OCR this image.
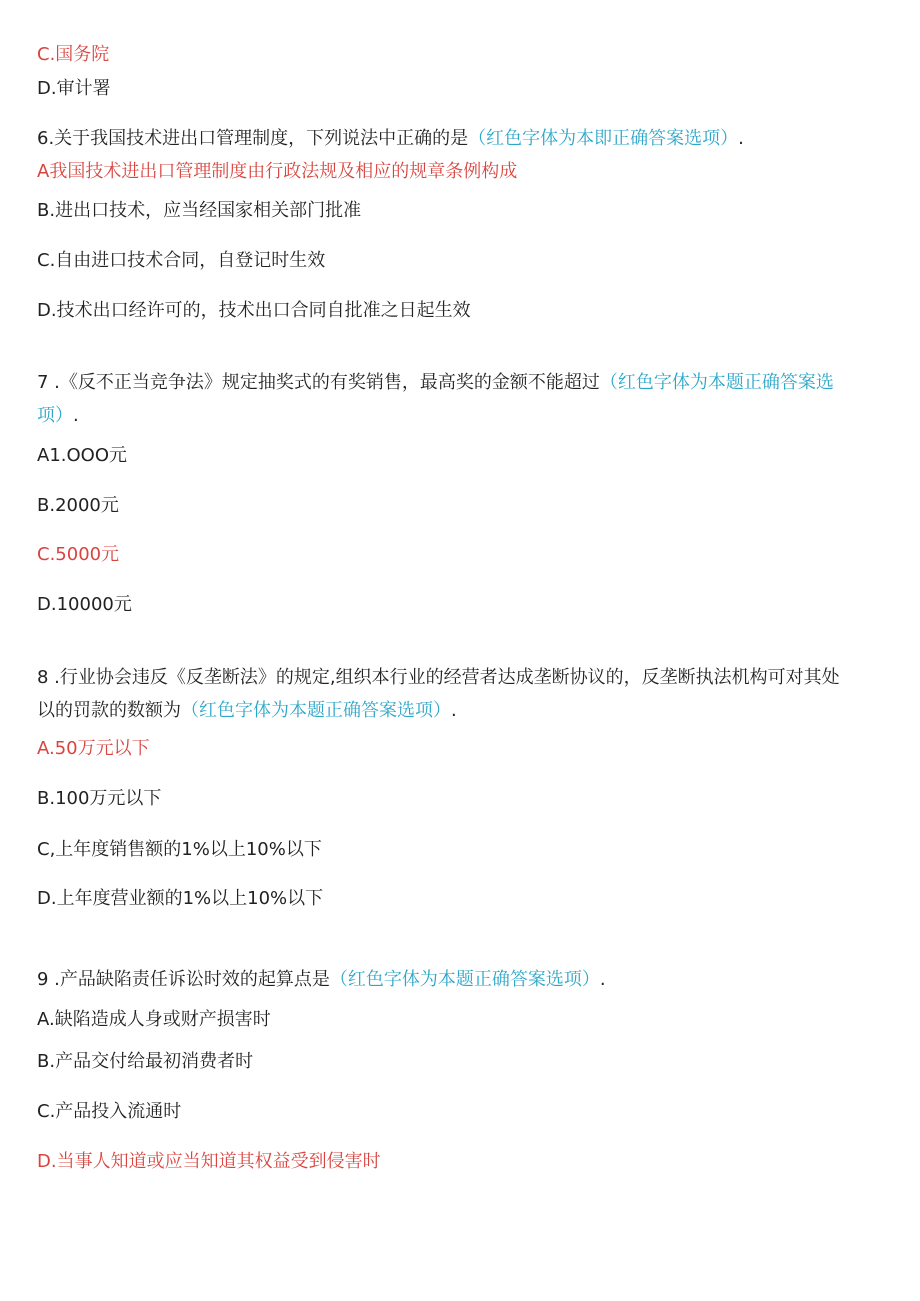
C.国务院
D.审计署
6.关于我国技术进出口管理制度，下列说法中正确的是（红色字体为本即正确答案选项）.
A我国技术进出口管理制度由行政法规及相应的规章条例构成
B.进出口技术，应当经国家相关部门批准
C.自由进口技术合同，自登记时生效
D.技术出口经许可的，技术出口合同自批准之日起生效
7 .《反不正当竞争法》规定抽奖式的有奖销售，最高奖的金额不能超过（红色字体为本题正确答案选
项）.
A1.OOO元
B.2000元
C.5000元
D.10000元
8 .行业协会违反《反垄断法》的规定,组织本行业的经营者达成垄断协议的，反垄断执法机构可对其处
以的罚款的数额为（红色字体为本题正确答案选项）.
A.50万元以下
B.100万元以下
C,上年度销售额的1%以上10%以下
D.上年度营业额的1%以上10%以下
9 .产品缺陷责任诉讼时效的起算点是（红色字体为本题正确答案选项）.
A.缺陷造成人身或财产损害时
B.产品交付给最初消费者时
C.产品投入流通时
D.当事人知道或应当知道其权益受到侵害时
